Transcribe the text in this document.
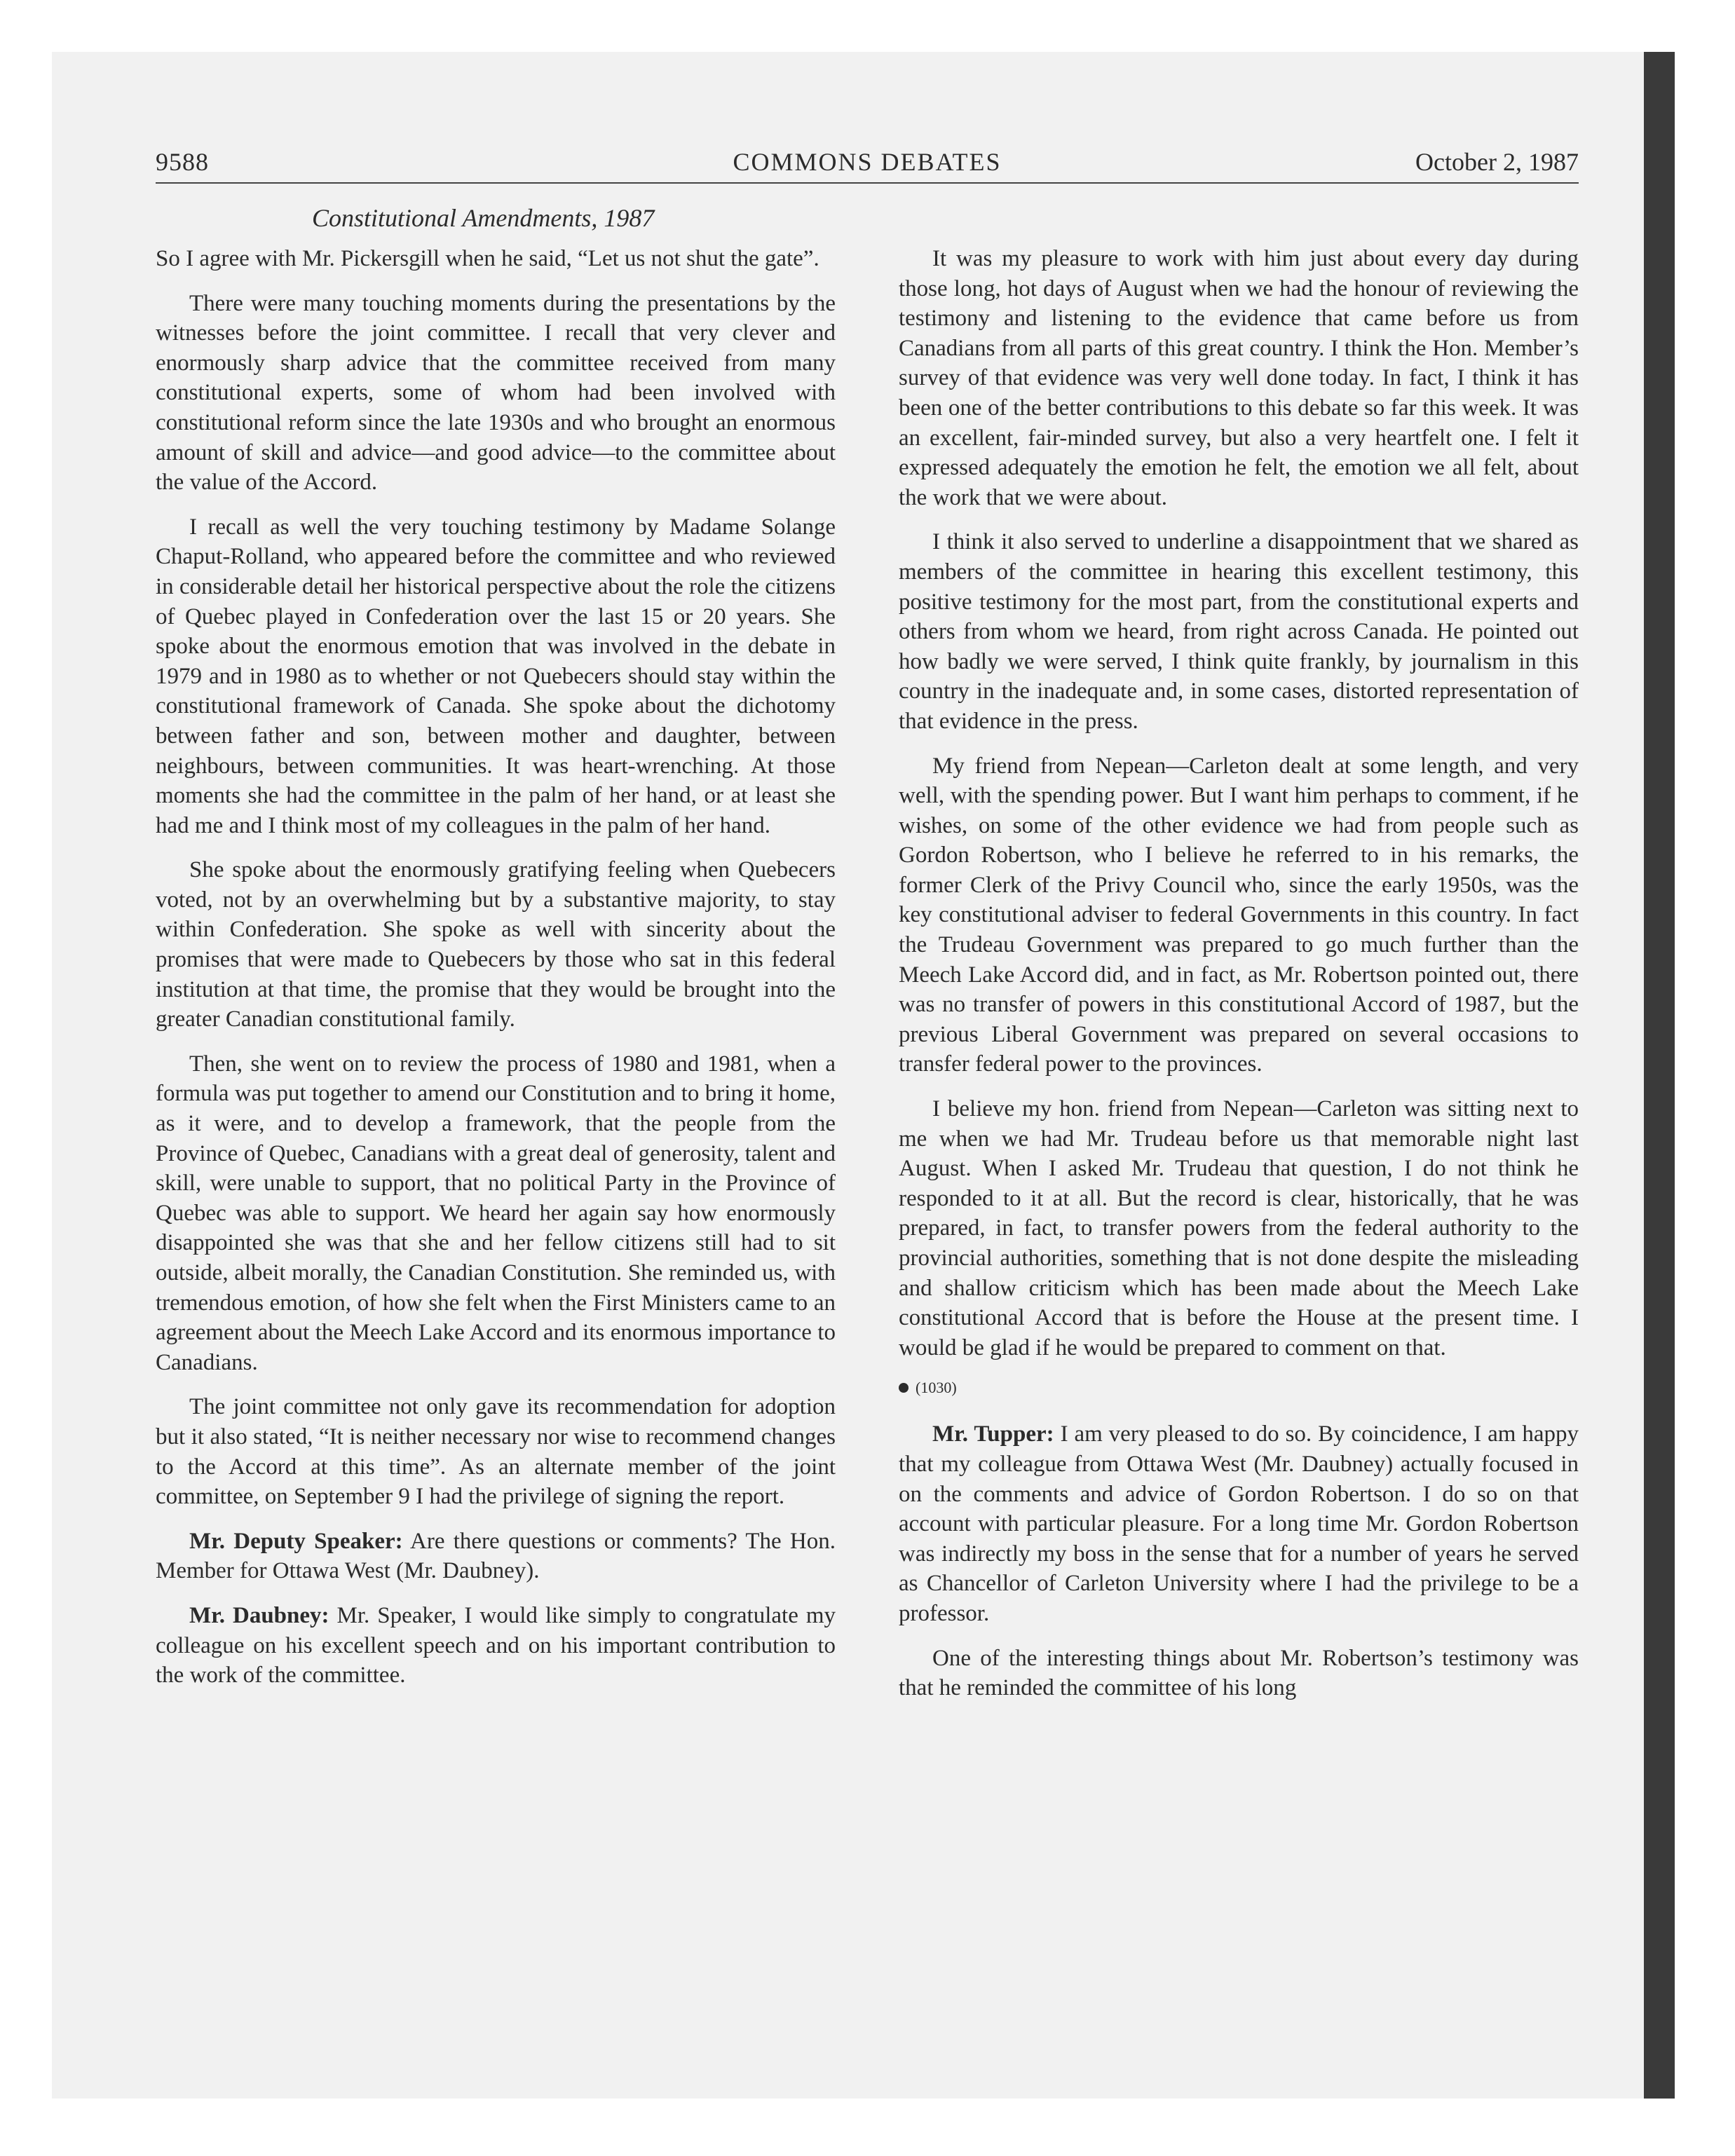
9588	COMMONS DEBATES	October 2, 1987
Constitutional Amendments, 1987

So I agree with Mr. Pickersgill when he said, “Let us not shut the gate”.

There were many touching moments during the presentations by the witnesses before the joint committee. I recall that very clever and enormously sharp advice that the committee received from many constitutional experts, some of whom had been involved with constitutional reform since the late 1930s and who brought an enormous amount of skill and advice—and good advice—to the committee about the value of the Accord.

I recall as well the very touching testimony by Madame Solange Chaput-Rolland, who appeared before the committee and who reviewed in considerable detail her historical perspective about the role the citizens of Quebec played in Confederation over the last 15 or 20 years. She spoke about the enormous emotion that was involved in the debate in 1979 and in 1980 as to whether or not Quebecers should stay within the constitutional framework of Canada. She spoke about the dichotomy between father and son, between mother and daughter, between neighbours, between communities. It was heart-wrenching. At those moments she had the committee in the palm of her hand, or at least she had me and I think most of my colleagues in the palm of her hand.

She spoke about the enormously gratifying feeling when Quebecers voted, not by an overwhelming but by a substantive majority, to stay within Confederation. She spoke as well with sincerity about the promises that were made to Quebecers by those who sat in this federal institution at that time, the promise that they would be brought into the greater Canadian constitutional family.

Then, she went on to review the process of 1980 and 1981, when a formula was put together to amend our Constitution and to bring it home, as it were, and to develop a framework, that the people from the Province of Quebec, Canadians with a great deal of generosity, talent and skill, were unable to support, that no political Party in the Province of Quebec was able to support. We heard her again say how enormously disappointed she was that she and her fellow citizens still had to sit outside, albeit morally, the Canadian Constitution. She reminded us, with tremendous emotion, of how she felt when the First Ministers came to an agreement about the Meech Lake Accord and its enormous importance to Canadians.

The joint committee not only gave its recommendation for adoption but it also stated, “It is neither necessary nor wise to recommend changes to the Accord at this time”. As an alternate member of the joint committee, on September 9 I had the privilege of signing the report.

Mr. Deputy Speaker: Are there questions or comments? The Hon. Member for Ottawa West (Mr. Daubney).

Mr. Daubney: Mr. Speaker, I would like simply to congratulate my colleague on his excellent speech and on his important contribution to the work of the committee.

It was my pleasure to work with him just about every day during those long, hot days of August when we had the honour of reviewing the testimony and listening to the evidence that came before us from Canadians from all parts of this great country. I think the Hon. Member’s survey of that evidence was very well done today. In fact, I think it has been one of the better contributions to this debate so far this week. It was an excellent, fair-minded survey, but also a very heartfelt one. I felt it expressed adequately the emotion he felt, the emotion we all felt, about the work that we were about.

I think it also served to underline a disappointment that we shared as members of the committee in hearing this excellent testimony, this positive testimony for the most part, from the constitutional experts and others from whom we heard, from right across Canada. He pointed out how badly we were served, I think quite frankly, by journalism in this country in the inadequate and, in some cases, distorted representation of that evidence in the press.

My friend from Nepean—Carleton dealt at some length, and very well, with the spending power. But I want him perhaps to comment, if he wishes, on some of the other evidence we had from people such as Gordon Robertson, who I believe he referred to in his remarks, the former Clerk of the Privy Council who, since the early 1950s, was the key constitutional adviser to federal Governments in this country. In fact the Trudeau Government was prepared to go much further than the Meech Lake Accord did, and in fact, as Mr. Robertson pointed out, there was no transfer of powers in this constitutional Accord of 1987, but the previous Liberal Government was prepared on several occasions to transfer federal power to the provinces.

I believe my hon. friend from Nepean—Carleton was sitting next to me when we had Mr. Trudeau before us that memorable night last August. When I asked Mr. Trudeau that question, I do not think he responded to it at all. But the record is clear, historically, that he was prepared, in fact, to transfer powers from the federal authority to the provincial authorities, something that is not done despite the misleading and shallow criticism which has been made about the Meech Lake constitutional Accord that is before the House at the present time. I would be glad if he would be prepared to comment on that.

(1030)

Mr. Tupper: I am very pleased to do so. By coincidence, I am happy that my colleague from Ottawa West (Mr. Daubney) actually focused in on the comments and advice of Gordon Robertson. I do so on that account with particular pleasure. For a long time Mr. Gordon Robertson was indirectly my boss in the sense that for a number of years he served as Chancellor of Carleton University where I had the privilege to be a professor.

One of the interesting things about Mr. Robertson’s testimony was that he reminded the committee of his long
